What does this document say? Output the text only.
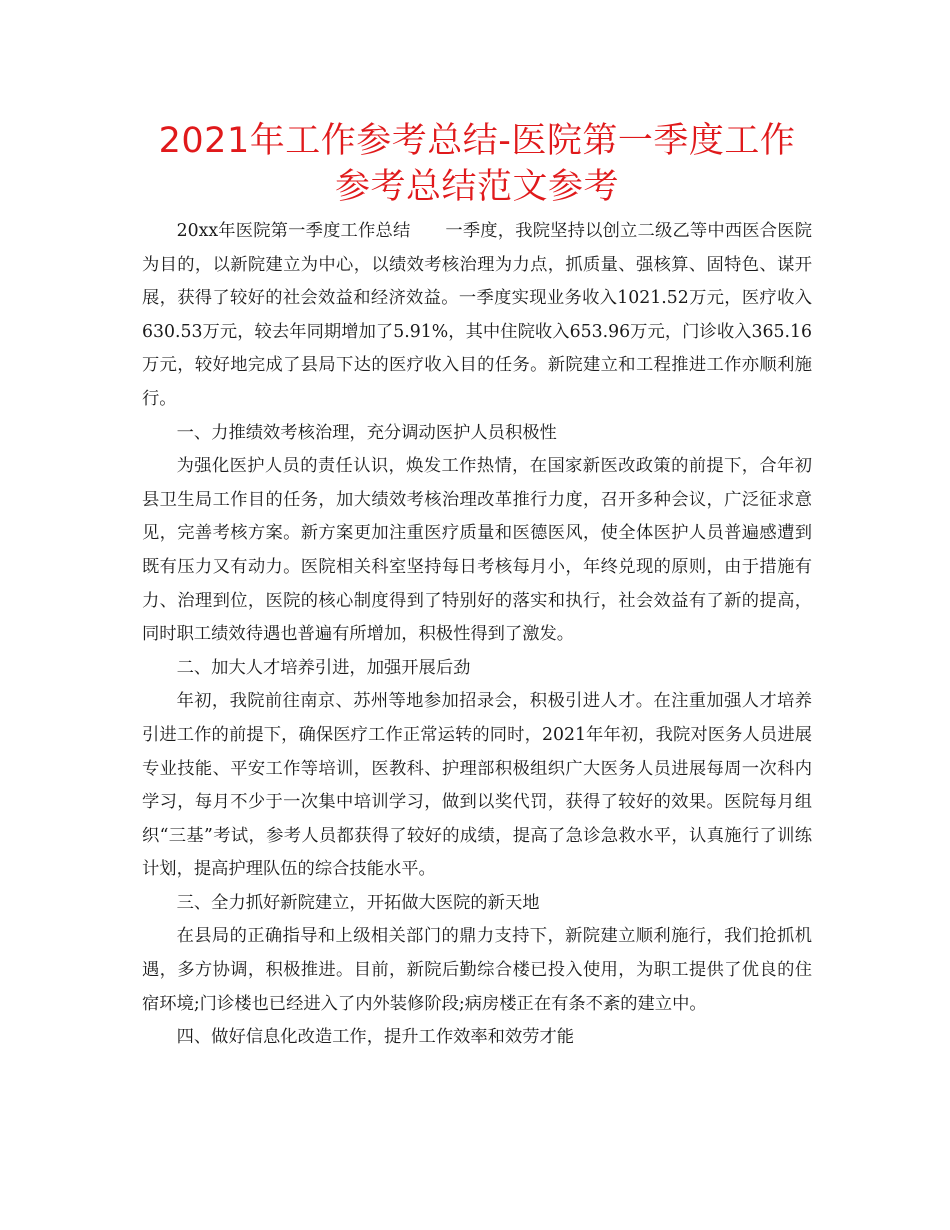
2021年工作参考总结-医院第一季度工作参考总结范文参考

20xx年医院第一季度工作总结　　一季度，我院坚持以创立二级乙等中西医合医院为目的，以新院建立为中心，以绩效考核治理为力点，抓质量、强核算、固特色、谋开展，获得了较好的社会效益和经济效益。一季度实现业务收入1021.52万元，医疗收入630.53万元，较去年同期增加了5.91%，其中住院收入653.96万元，门诊收入365.16万元，较好地完成了县局下达的医疗收入目的任务。新院建立和工程推进工作亦顺利施行。

一、力推绩效考核治理，充分调动医护人员积极性

为强化医护人员的责任认识，焕发工作热情，在国家新医改政策的前提下，合年初县卫生局工作目的任务，加大绩效考核治理改革推行力度，召开多种会议，广泛征求意见，完善考核方案。新方案更加注重医疗质量和医德医风，使全体医护人员普遍感遭到既有压力又有动力。医院相关科室坚持每日考核每月小，年终兑现的原则，由于措施有力、治理到位，医院的核心制度得到了特别好的落实和执行，社会效益有了新的提高，同时职工绩效待遇也普遍有所增加，积极性得到了激发。

二、加大人才培养引进，加强开展后劲

年初，我院前往南京、苏州等地参加招录会，积极引进人才。在注重加强人才培养引进工作的前提下，确保医疗工作正常运转的同时，2021年年初，我院对医务人员进展专业技能、平安工作等培训，医教科、护理部积极组织广大医务人员进展每周一次科内学习，每月不少于一次集中培训学习，做到以奖代罚，获得了较好的效果。医院每月组织“三基”考试，参考人员都获得了较好的成绩，提高了急诊急救水平，认真施行了训练计划，提高护理队伍的综合技能水平。

三、全力抓好新院建立，开拓做大医院的新天地

在县局的正确指导和上级相关部门的鼎力支持下，新院建立顺利施行，我们抢抓机遇，多方协调，积极推进。目前，新院后勤综合楼已投入使用，为职工提供了优良的住宿环境;门诊楼也已经进入了内外装修阶段;病房楼正在有条不紊的建立中。

四、做好信息化改造工作，提升工作效率和效劳才能
